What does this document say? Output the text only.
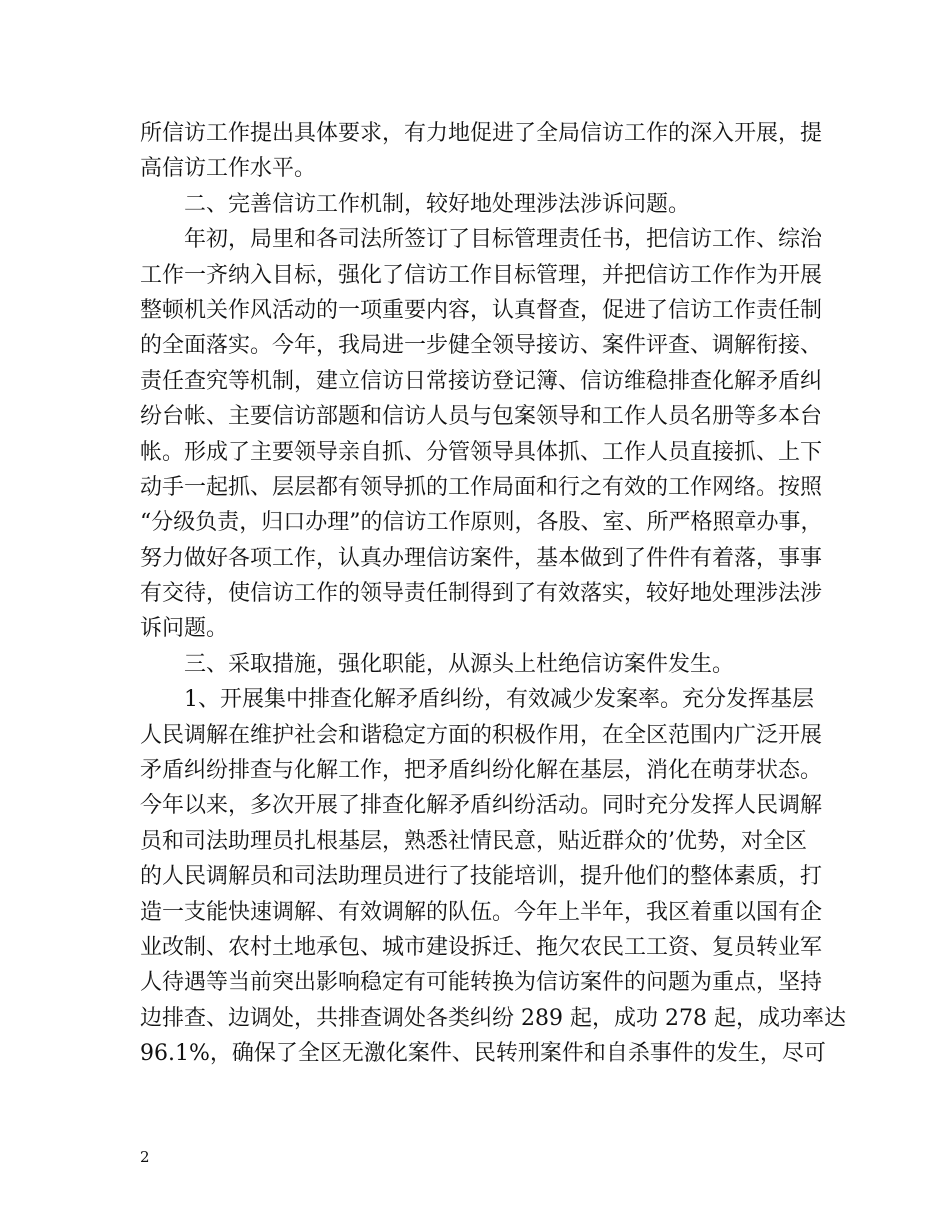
所信访工作提出具体要求，有力地促进了全局信访工作的深入开展，提
高信访工作水平。
二、完善信访工作机制，较好地处理涉法涉诉问题。
年初，局里和各司法所签订了目标管理责任书，把信访工作、综治
工作一齐纳入目标，强化了信访工作目标管理，并把信访工作作为开展
整顿机关作风活动的一项重要内容，认真督查，促进了信访工作责任制
的全面落实。今年，我局进一步健全领导接访、案件评查、调解衔接、
责任查究等机制，建立信访日常接访登记簿、信访维稳排查化解矛盾纠
纷台帐、主要信访部题和信访人员与包案领导和工作人员名册等多本台
帐。形成了主要领导亲自抓、分管领导具体抓、工作人员直接抓、上下
动手一起抓、层层都有领导抓的工作局面和行之有效的工作网络。按照
“分级负责，归口办理”的信访工作原则，各股、室、所严格照章办事，
努力做好各项工作，认真办理信访案件，基本做到了件件有着落，事事
有交待，使信访工作的领导责任制得到了有效落实，较好地处理涉法涉
诉问题。
三、采取措施，强化职能，从源头上杜绝信访案件发生。
1、开展集中排查化解矛盾纠纷，有效减少发案率。充分发挥基层
人民调解在维护社会和谐稳定方面的积极作用，在全区范围内广泛开展
矛盾纠纷排查与化解工作，把矛盾纠纷化解在基层，消化在萌芽状态。
今年以来，多次开展了排查化解矛盾纠纷活动。同时充分发挥人民调解
员和司法助理员扎根基层，熟悉社情民意，贴近群众的’优势，对全区
的人民调解员和司法助理员进行了技能培训，提升他们的整体素质，打
造一支能快速调解、有效调解的队伍。今年上半年，我区着重以国有企
业改制、农村土地承包、城市建设拆迁、拖欠农民工工资、复员转业军
人待遇等当前突出影响稳定有可能转换为信访案件的问题为重点，坚持
边排查、边调处，共排查调处各类纠纷 289 起，成功 278 起，成功率达
96.1%，确保了全区无激化案件、民转刑案件和自杀事件的发生，尽可
2
